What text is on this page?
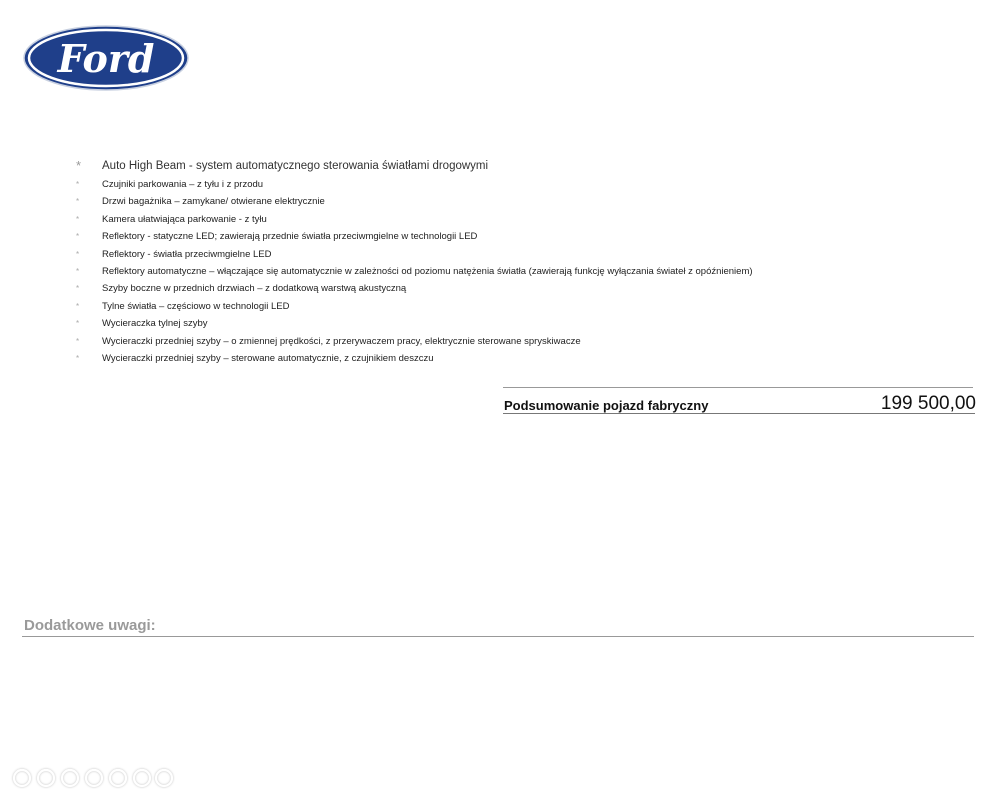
Ford
* Auto High Beam - system automatycznego sterowania światłami drogowymi
* Czujniki parkowania – z tyłu i z przodu
* Drzwi bagażnika – zamykane/ otwierane elektrycznie
* Kamera ułatwiająca parkowanie - z tyłu
* Reflektory - statyczne LED; zawierają przednie światła przeciwmgielne w technologii LED
* Reflektory - światła przeciwmgielne LED
* Reflektory automatyczne – włączające się automatycznie w zależności od poziomu natężenia światła (zawierają funkcję wyłączania świateł z opóźnieniem)
* Szyby boczne w przednich drzwiach – z dodatkową warstwą akustyczną
* Tylne światła – częściowo w technologii LED
* Wycieraczka tylnej szyby
* Wycieraczki przedniej szyby – o zmiennej prędkości, z przerywaczem pracy, elektrycznie sterowane spryskiwacze
* Wycieraczki przedniej szyby – sterowane automatycznie, z czujnikiem deszczu
Podsumowanie pojazd fabryczny	199 500,00
Dodatkowe uwagi:
